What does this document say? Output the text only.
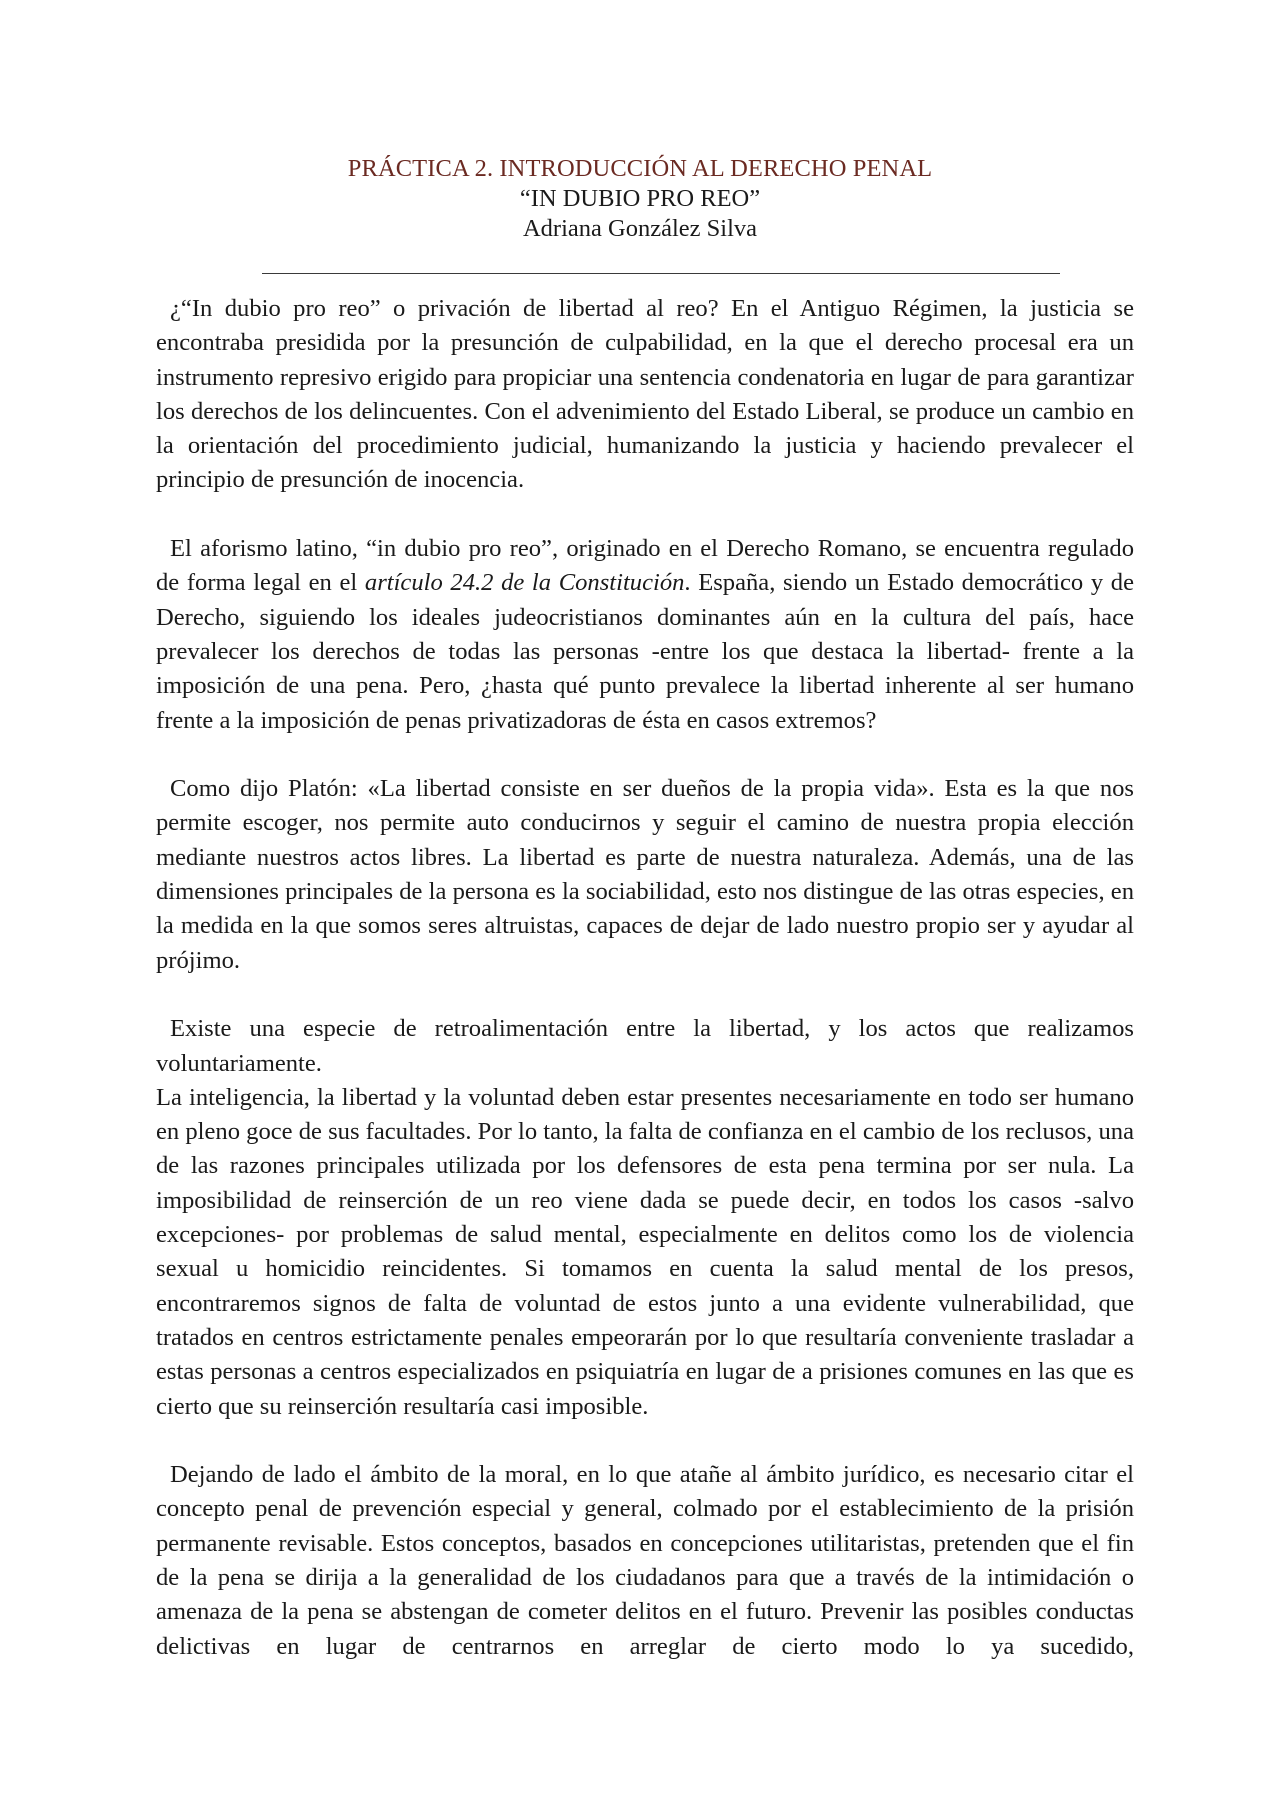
PRÁCTICA 2. INTRODUCCIÓN AL DERECHO PENAL
“IN DUBIO PRO REO”
Adriana González Silva

¿“In dubio pro reo” o privación de libertad al reo? En el Antiguo Régimen, la justicia se encontraba presidida por la presunción de culpabilidad, en la que el derecho procesal era un instrumento represivo erigido para propiciar una sentencia condenatoria en lugar de para garantizar los derechos de los delincuentes. Con el advenimiento del Estado Liberal, se produce un cambio en la orientación del procedimiento judicial, humanizando la justicia y haciendo prevalecer el principio de presunción de inocencia.

El aforismo latino, “in dubio pro reo”, originado en el Derecho Romano, se encuentra regulado de forma legal en el artículo 24.2 de la Constitución. España, siendo un Estado democrático y de Derecho, siguiendo los ideales judeocristianos dominantes aún en la cultura del país, hace prevalecer los derechos de todas las personas -entre los que destaca la libertad- frente a la imposición de una pena. Pero, ¿hasta qué punto prevalece la libertad inherente al ser humano frente a la imposición de penas privatizadoras de ésta en casos extremos?

Como dijo Platón: «La libertad consiste en ser dueños de la propia vida». Esta es la que nos permite escoger, nos permite auto conducirnos y seguir el camino de nuestra propia elección mediante nuestros actos libres. La libertad es parte de nuestra naturaleza. Además, una de las dimensiones principales de la persona es la sociabilidad, esto nos distingue de las otras especies, en la medida en la que somos seres altruistas, capaces de dejar de lado nuestro propio ser y ayudar al prójimo.

Existe una especie de retroalimentación entre la libertad, y los actos que realizamos voluntariamente.

La inteligencia, la libertad y la voluntad deben estar presentes necesariamente en todo ser humano en pleno goce de sus facultades. Por lo tanto, la falta de confianza en el cambio de los reclusos, una de las razones principales utilizada por los defensores de esta pena termina por ser nula. La imposibilidad de reinserción de un reo viene dada se puede decir, en todos los casos -salvo excepciones- por problemas de salud mental, especialmente en delitos como los de violencia sexual u homicidio reincidentes. Si tomamos en cuenta la salud mental de los presos, encontraremos signos de falta de voluntad de estos junto a una evidente vulnerabilidad, que tratados en centros estrictamente penales empeorarán por lo que resultaría conveniente trasladar a estas personas a centros especializados en psiquiatría en lugar de a prisiones comunes en las que es cierto que su reinserción resultaría casi imposible.

Dejando de lado el ámbito de la moral, en lo que atañe al ámbito jurídico, es necesario citar el concepto penal de prevención especial y general, colmado por el establecimiento de la prisión permanente revisable. Estos conceptos, basados en concepciones utilitaristas, pretenden que el fin de la pena se dirija a la generalidad de los ciudadanos para que a través de la intimidación o amenaza de la pena se abstengan de cometer delitos en el futuro. Prevenir las posibles conductas delictivas en lugar de centrarnos en arreglar de cierto modo lo ya sucedido,
